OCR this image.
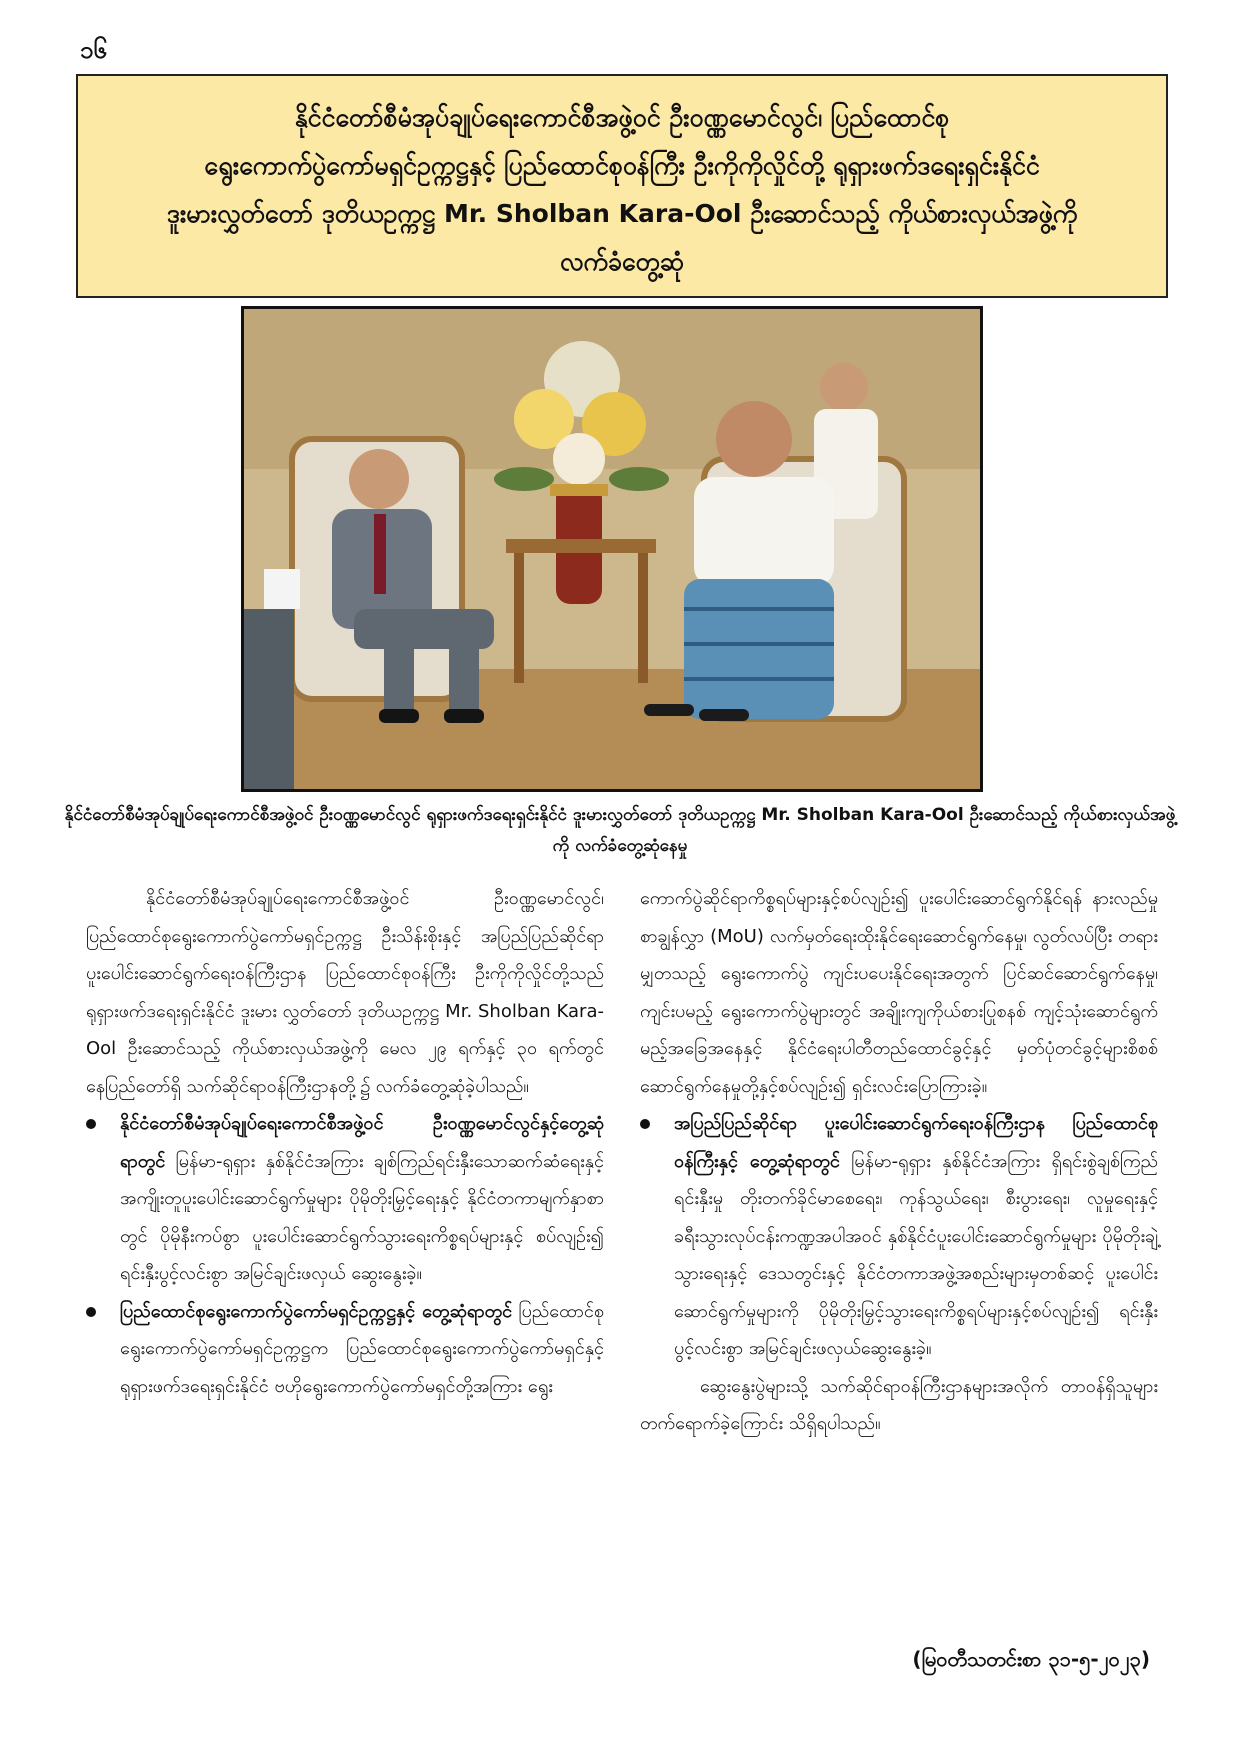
၁၆
နိုင်ငံတော်စီမံအုပ်ချုပ်ရေးကောင်စီအဖွဲ့ဝင် ဦးဝဏ္ဏမောင်လွင်၊ ပြည်ထောင်စု
ရွေးကောက်ပွဲကော်မရှင်ဥက္ကဋ္ဌနှင့် ပြည်ထောင်စုဝန်ကြီး ဦးကိုကိုလှိုင်တို့ ရုရှားဖက်ဒရေးရှင်းနိုင်ငံ
ဒူးမားလွှတ်တော် ဒုတိယဥက္ကဋ္ဌ Mr. Sholban Kara-Ool ဦးဆောင်သည့် ကိုယ်စားလှယ်အဖွဲ့ကို
လက်ခံတွေ့ဆုံ
နိုင်ငံတော်စီမံအုပ်ချုပ်ရေးကောင်စီအဖွဲ့ဝင် ဦးဝဏ္ဏမောင်လွင် ရုရှားဖက်ဒရေးရှင်းနိုင်ငံ ဒူးမားလွှတ်တော် ဒုတိယဥက္ကဋ္ဌ Mr. Sholban Kara-Ool ဦးဆောင်သည့် ကိုယ်စားလှယ်အဖွဲ့ကို လက်ခံတွေ့ဆုံနေမှု

နိုင်ငံတော်စီမံအုပ်ချုပ်ရေးကောင်စီအဖွဲ့ဝင် ဦးဝဏ္ဏမောင်လွင်၊ ပြည်ထောင်စုရွေးကောက်ပွဲကော်မရှင်ဥက္ကဋ္ဌ ဦးသိန်းစိုးနှင့် အပြည်ပြည်ဆိုင်ရာပူးပေါင်းဆောင်ရွက်ရေးဝန်ကြီးဌာန ပြည်ထောင်စုဝန်ကြီး ဦးကိုကိုလှိုင်တို့သည် ရုရှားဖက်ဒရေးရှင်းနိုင်ငံ ဒူးမား လွှတ်တော် ဒုတိယဥက္ကဋ္ဌ Mr. Sholban Kara-Ool ဦးဆောင်သည့် ကိုယ်စားလှယ်အဖွဲ့ကို မေလ ၂၉ ရက်နှင့် ၃၀ ရက်တွင် နေပြည်တော်ရှိ သက်ဆိုင်ရာဝန်ကြီးဌာနတို့၌ လက်ခံတွေ့ဆုံခဲ့ပါသည်။

နိုင်ငံတော်စီမံအုပ်ချုပ်ရေးကောင်စီအဖွဲ့ဝင် ဦးဝဏ္ဏမောင်လွင်နှင့်တွေ့ဆုံရာတွင် မြန်မာ-ရုရှား နှစ်နိုင်ငံအကြား ချစ်ကြည်ရင်းနှီးသောဆက်ဆံရေးနှင့် အကျိုးတူပူးပေါင်းဆောင်ရွက်မှုများ ပိုမိုတိုးမြှင့်ရေးနှင့် နိုင်ငံတကာမျက်နှာစာတွင် ပိုမိုနီးကပ်စွာ ပူးပေါင်းဆောင်ရွက်သွားရေးကိစ္စရပ်များနှင့် စပ်လျဉ်း၍ ရင်းနှီးပွင့်လင်းစွာ အမြင်ချင်းဖလှယ် ဆွေးနွေးခဲ့။

ပြည်ထောင်စုရွေးကောက်ပွဲကော်မရှင်ဥက္ကဋ္ဌနှင့် တွေ့ဆုံရာတွင် ပြည်ထောင်စုရွေးကောက်ပွဲကော်မရှင်ဥက္ကဋ္ဌက ပြည်ထောင်စုရွေးကောက်ပွဲကော်မရှင်နှင့် ရုရှားဖက်ဒရေးရှင်းနိုင်ငံ ဗဟိုရွေးကောက်ပွဲကော်မရှင်တို့အကြား ရွေး

ကောက်ပွဲဆိုင်ရာကိစ္စရပ်များနှင့်စပ်လျဉ်း၍ ပူးပေါင်းဆောင်ရွက်နိုင်ရန် နားလည်မှုစာချွန်လွှာ (MoU) လက်မှတ်ရေးထိုးနိုင်ရေးဆောင်ရွက်နေမှု၊ လွတ်လပ်ပြီး တရားမျှတသည့် ရွေးကောက်ပွဲ ကျင်းပပေးနိုင်ရေးအတွက် ပြင်ဆင်ဆောင်ရွက်နေမှု၊ ကျင်းပမည့် ရွေးကောက်ပွဲများတွင် အချိုးကျကိုယ်စားပြုစနစ် ကျင့်သုံးဆောင်ရွက်မည့်အခြေအနေနှင့် နိုင်ငံရေးပါတီတည်ထောင်ခွင့်နှင့် မှတ်ပုံတင်ခွင့်များစိစစ်ဆောင်ရွက်နေမှုတို့နှင့်စပ်လျဉ်း၍ ရှင်းလင်းပြောကြားခဲ့။

အပြည်ပြည်ဆိုင်ရာ ပူးပေါင်းဆောင်ရွက်ရေးဝန်ကြီးဌာန ပြည်ထောင်စုဝန်ကြီးနှင့် တွေ့ဆုံရာတွင် မြန်မာ-ရုရှား နှစ်နိုင်ငံအကြား ရှိရင်းစွဲချစ်ကြည်ရင်းနှီးမှု တိုးတက်ခိုင်မာစေရေး၊ ကုန်သွယ်ရေး၊ စီးပွားရေး၊ လူမှုရေးနှင့် ခရီးသွားလုပ်ငန်းကဏ္ဍအပါအဝင် နှစ်နိုင်ငံပူးပေါင်းဆောင်ရွက်မှုများ ပိုမိုတိုးချဲ့သွားရေးနှင့် ဒေသတွင်းနှင့် နိုင်ငံတကာအဖွဲ့အစည်းများမှတစ်ဆင့် ပူးပေါင်းဆောင်ရွက်မှုများကို ပိုမိုတိုးမြှင့်သွားရေးကိစ္စရပ်များနှင့်စပ်လျဉ်း၍ ရင်းနှီးပွင့်လင်းစွာ အမြင်ချင်းဖလှယ်ဆွေးနွေးခဲ့။

ဆွေးနွေးပွဲများသို့ သက်ဆိုင်ရာဝန်ကြီးဌာနများအလိုက် တာဝန်ရှိသူများတက်ရောက်ခဲ့ကြောင်း သိရှိရပါသည်။

(မြဝတီသတင်းစာ ၃၁-၅-၂၀၂၃)
